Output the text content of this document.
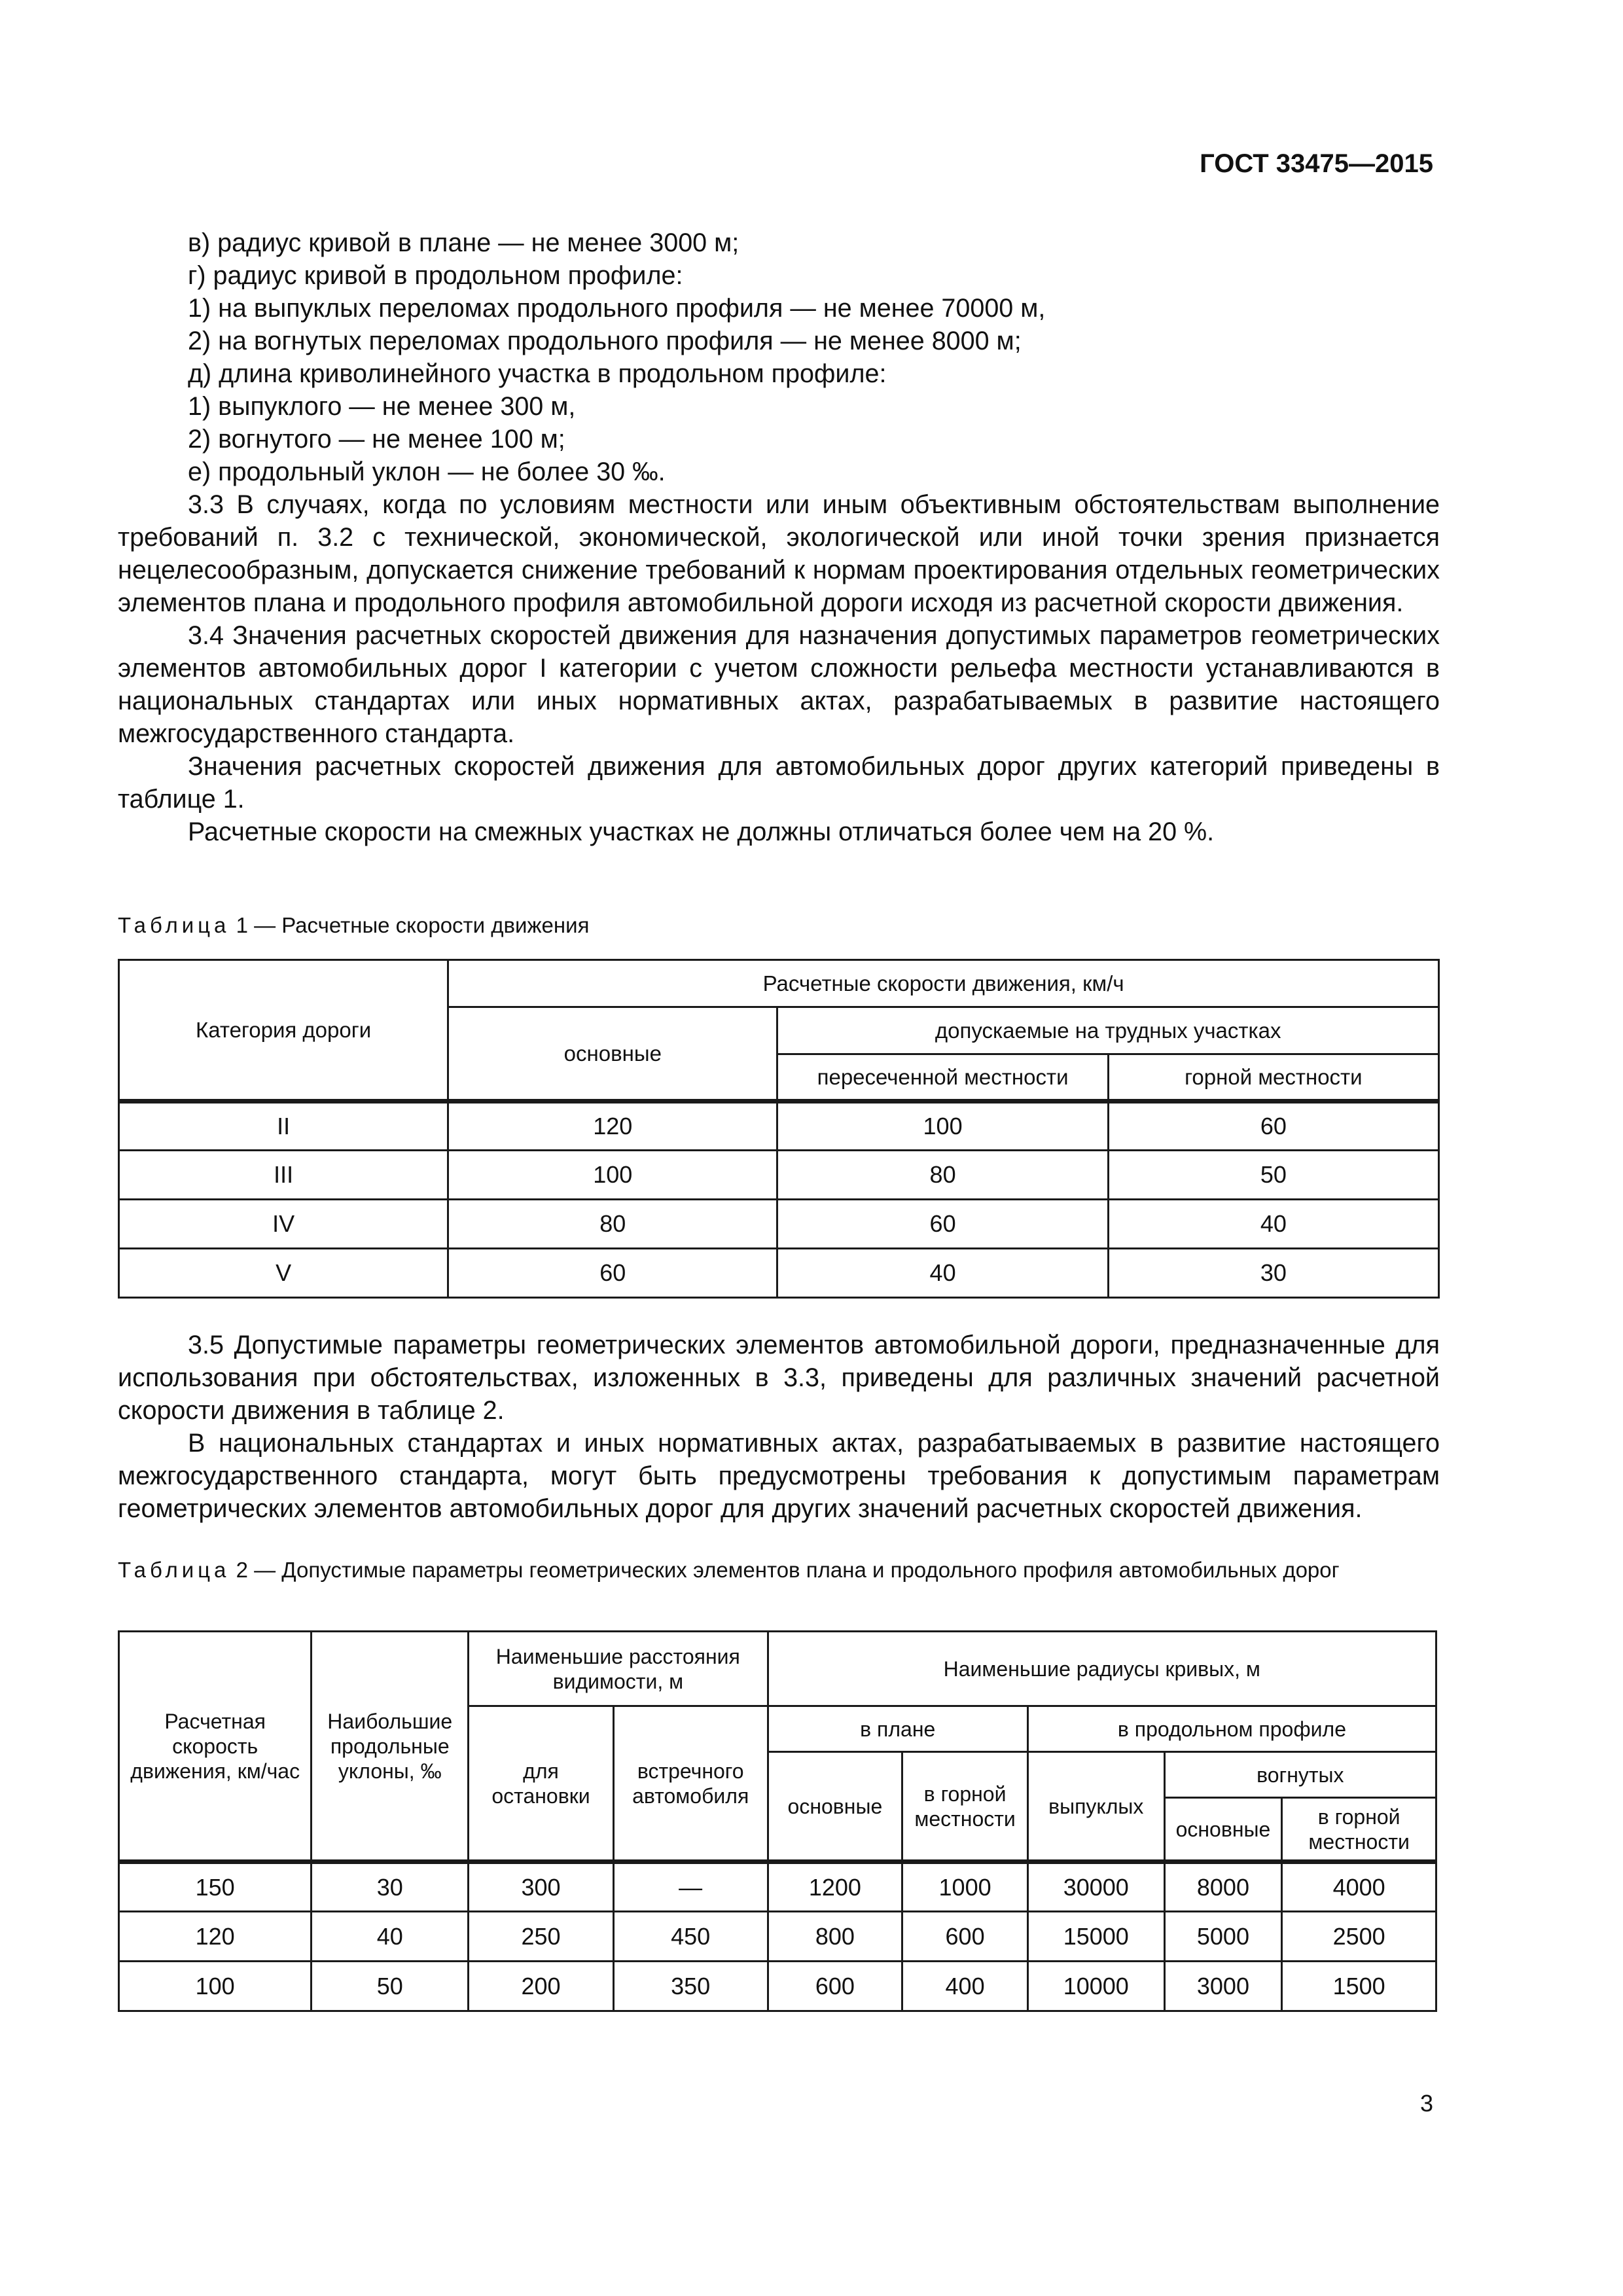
ГОСТ 33475—2015

в) радиус кривой в плане — не менее 3000 м;

г) радиус кривой в продольном профиле:

1) на выпуклых переломах продольного профиля — не менее 70000 м,

2) на вогнутых переломах продольного профиля — не менее 8000 м;

д) длина криволинейного участка в продольном профиле:

1) выпуклого — не менее 300 м,

2) вогнутого — не менее 100 м;

е) продольный уклон — не более 30 ‰.

3.3 В случаях, когда по условиям местности или иным объективным обстоятельствам выполнение требований п. 3.2 с технической, экономической, экологической или иной точки зрения признается нецелесообразным, допускается снижение требований к нормам проектирования отдельных геометрических элементов плана и продольного профиля автомобильной дороги исходя из расчетной скорости движения.

3.4 Значения расчетных скоростей движения для назначения допустимых параметров геометрических элементов автомобильных дорог I категории с учетом сложности рельефа местности устанавливаются в национальных стандартах или иных нормативных актах, разрабатываемых в развитие настоящего межгосударственного стандарта.

Значения расчетных скоростей движения для автомобильных дорог других категорий приведены в таблице 1.

Расчетные скорости на смежных участках не должны отличаться более чем на 20 %.

Таблица 1 — Расчетные скорости движения
Категория дороги	Расчетные скорости движения, км/ч		
	основные	допускаемые на трудных участках	
		пересеченной местности	горной местности
II	120	100	60
III	100	80	50
IV	80	60	40
V	60	40	30

3.5 Допустимые параметры геометрических элементов автомобильной дороги, предназначенные для использования при обстоятельствах, изложенных в 3.3, приведены для различных значений расчетной скорости движения в таблице 2.

В национальных стандартах и иных нормативных актах, разрабатываемых в развитие настоящего межгосударственного стандарта, могут быть предусмотрены требования к допустимым параметрам геометрических элементов автомобильных дорог для других значений расчетных скоростей движения.

Таблица 2 — Допустимые параметры геометрических элементов плана и продольного профиля автомобильных дорог
Расчетная скорость движения, км/час	Наибольшие продольные уклоны, ‰	Наименьшие расстояния видимости, м		Наименьшие радиусы кривых, м				
		для остановки	встречного автомобиля	в плане		в продольном профиле		
				основные	в горной местности	выпуклых	вогнутых	
							основные	в горной местности
150	30	300	—	1200	1000	30000	8000	4000
120	40	250	450	800	600	15000	5000	2500
100	50	200	350	600	400	10000	3000	1500
3
